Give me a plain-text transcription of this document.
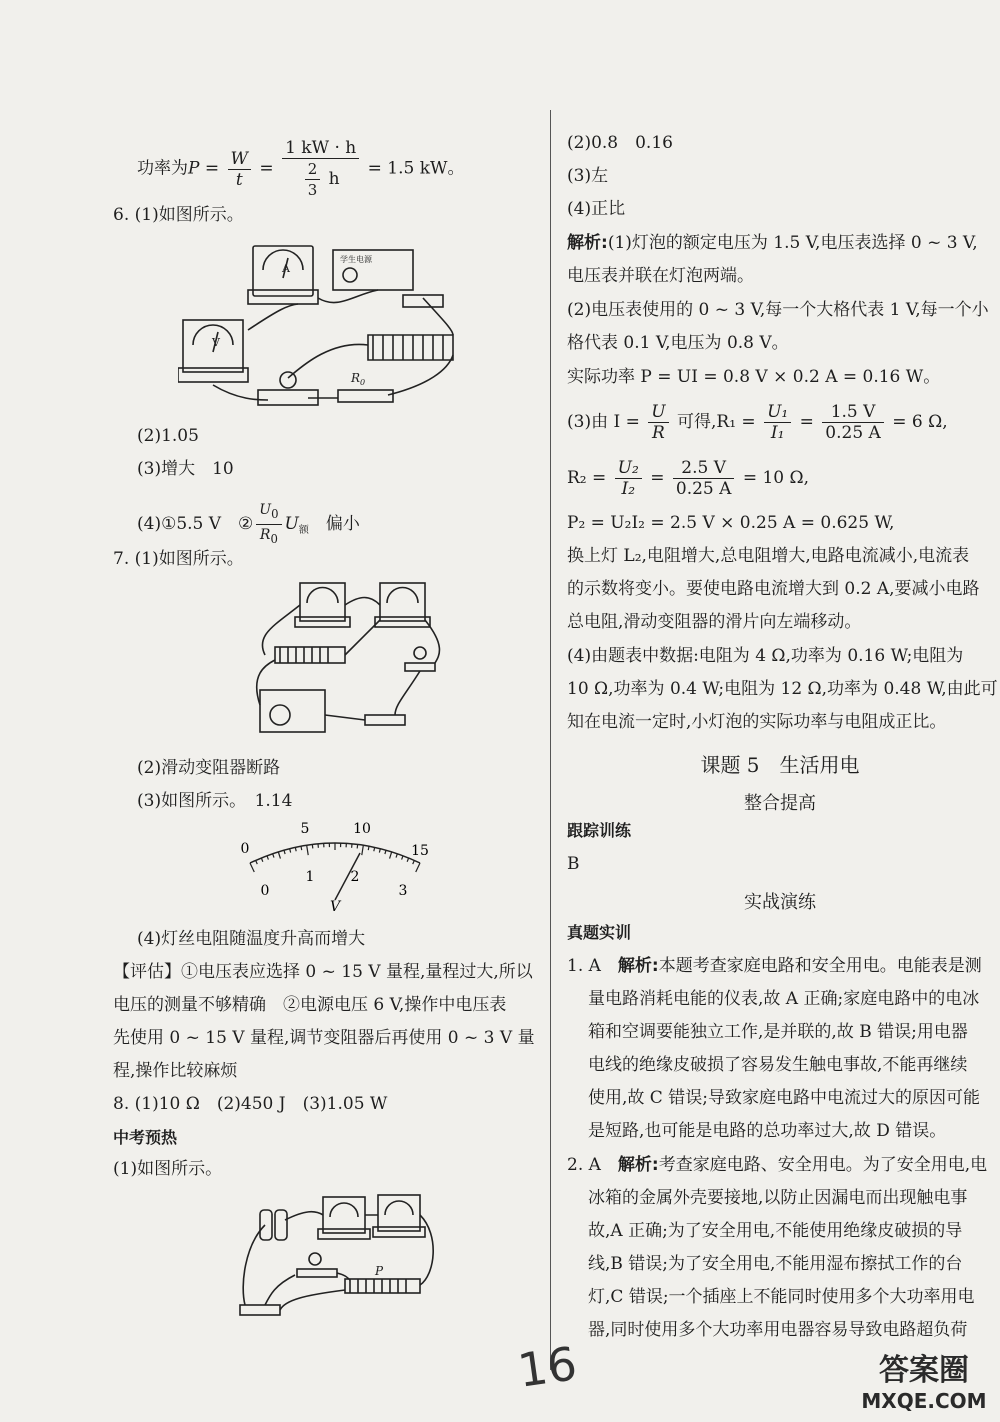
功率为$P = \frac{W}{t} = \frac{1 kW \cdot h}{\frac{2}{3} h} = 1.5$ kW。
6. (1)如图所示。
A
V
学生电源
$R_0$
(2)1.05
(3)增大　10
(4)①5.5 V　② $\frac{U_0}{R_0} U_额$　偏小
7. (1)如图所示。
(2)滑动变阻器断路
(3)如图所示。　1.14
0
5	10
15
0
1	2
3
V
(4)灯丝电阻随温度升高而增大
【评估】①电压表应选择 0 ~ 15 V 量程,量程过大,所以
电压的测量不够精确　②电源电压 6 V,操作中电压表
先使用 0 ~ 15 V 量程,调节变阻器后再使用 0 ~ 3 V 量
程,操作比较麻烦
8. (1)10 Ω　(2)450 J　(3)1.05 W
中考预热
(1)如图所示。
P
(2)0.8　0.16
(3)左
(4)正比
解析:(1)灯泡的额定电压为 1.5 V,电压表选择 0 ~ 3 V,
电压表并联在灯泡两端。
(2)电压表使用的 0 ~ 3 V,每一个大格代表 1 V,每一个小
格代表 0.1 V,电压为 0.8 V。
实际功率 P = UI = 0.8 V × 0.2 A = 0.16 W。
(3)由 $I = \frac{U}{R}$ 可得$,R_1 = \frac{\text{U₁}}{\text{I₁}} = \frac{1.5 V}{0.25 A} = 6$ Ω,
$R_2 = \frac{\text{U₂}}{\text{I₂}} = \frac{2.5 V}{0.25 A} = 10$ Ω,
P₂ = U₂I₂ = 2.5 V × 0.25 A = 0.625 W,
换上灯 L₂,电阻增大,总电阻增大,电路电流减小,电流表
的示数将变小。要使电路电流增大到 0.2 A,要减小电路
总电阻,滑动变阻器的滑片向左端移动。
(4)由题表中数据:电阻为 4 Ω,功率为 0.16 W;电阻为
10 Ω,功率为 0.4 W;电阻为 12 Ω,功率为 0.48 W,由此可
知在电流一定时,小灯泡的实际功率与电阻成正比。
课题 5　生活用电
整合提高
跟踪训练
B
实战演练
真题实训
1. A　解析:本题考查家庭电路和安全用电。电能表是测
量电路消耗电能的仪表,故 A 正确;家庭电路中的电冰
箱和空调要能独立工作,是并联的,故 B 错误;用电器
电线的绝缘皮破损了容易发生触电事故,不能再继续
使用,故 C 错误;导致家庭电路中电流过大的原因可能
是短路,也可能是电路的总功率过大,故 D 错误。
2. A　解析:考查家庭电路、安全用电。为了安全用电,电
冰箱的金属外壳要接地,以防止因漏电而出现触电事
故,A 正确;为了安全用电,不能使用绝缘皮破损的导
线,B 错误;为了安全用电,不能用湿布擦拭工作的台
灯,C 错误;一个插座上不能同时使用多个大功率用电
器,同时使用多个大功率用电器容易导致电路超负荷
16	答案圈
MXQE.COM
